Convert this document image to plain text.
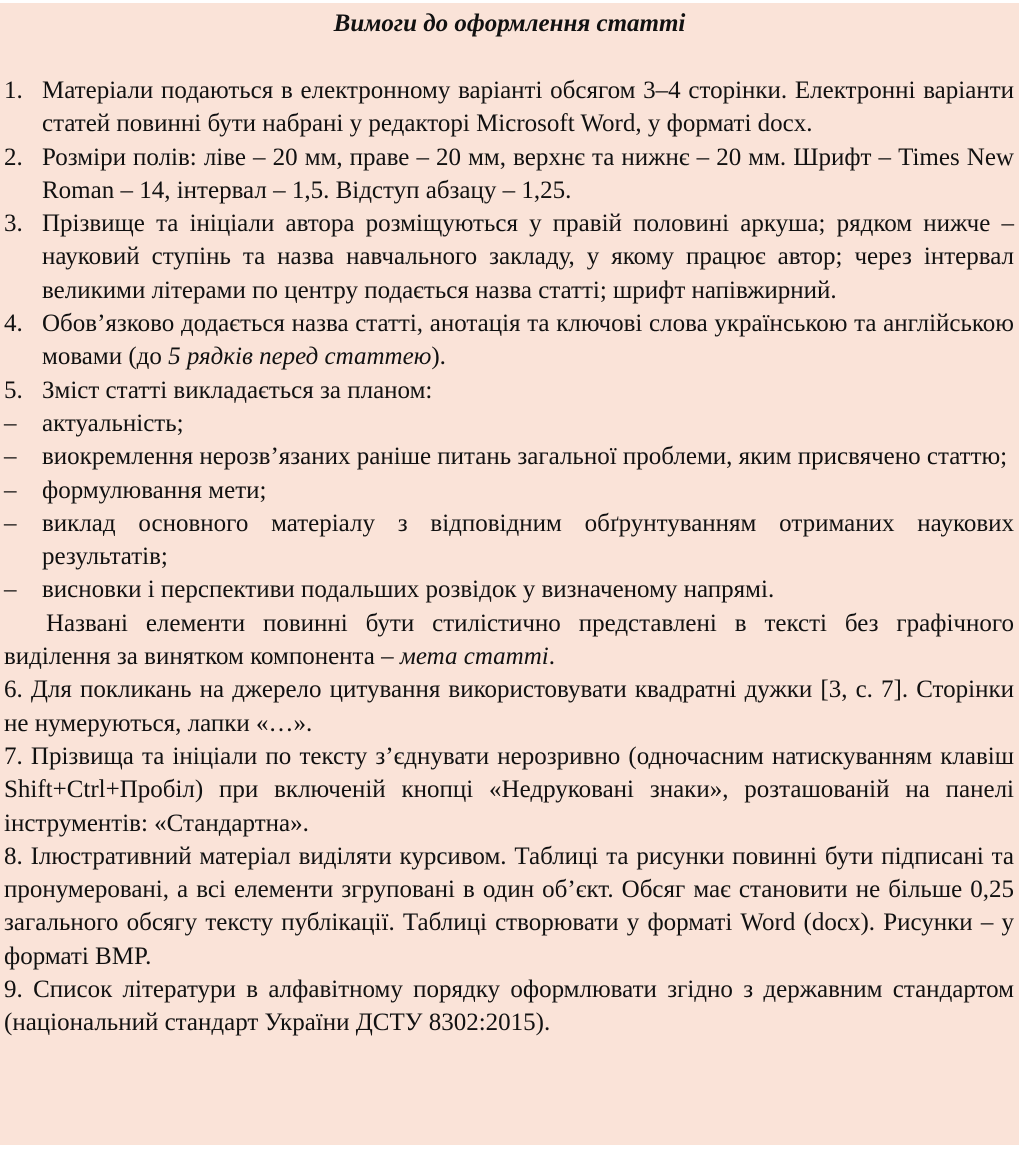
Вимоги до оформлення статті
1. Матеріали подаються в електронному варіанті обсягом 3–4 сторінки. Електронні варіанти статей повинні бути набрані у редакторі Microsoft Word, у форматі docx.
2. Розміри полів: ліве – 20 мм, праве – 20 мм, верхнє та нижнє – 20 мм. Шрифт – Times New Roman – 14, інтервал – 1,5. Відступ абзацу – 1,25.
3. Прізвище та ініціали автора розміщуються у правій половині аркуша; рядком нижче – науковий ступінь та назва навчального закладу, у якому працює автор; через інтервал великими літерами по центру подається назва статті; шрифт напівжирний.
4. Обов’язково додається назва статті, анотація та ключові слова українською та англійською мовами (до 5 рядків перед статтею).
5. Зміст статті викладається за планом:
–	актуальність;
–	виокремлення нерозв’язаних раніше питань загальної проблеми, яким присвячено статтю;
–	формулювання мети;
–	виклад основного матеріалу з відповідним обґрунтуванням отриманих наукових результатів;
–	висновки і перспективи подальших розвідок у визначеному напрямі.
Названі елементи повинні бути стилістично представлені в тексті без графічного виділення за винятком компонента – мета статті.
6. Для покликань на джерело цитування використовувати квадратні дужки [3, с. 7]. Сторінки не нумеруються, лапки «…».
7. Прізвища та ініціали по тексту з’єднувати нерозривно (одночасним натискуванням клавіш Shift+Ctrl+Пробіл) при включеній кнопці «Недруковані знаки», розташованій на панелі інструментів: «Стандартна».
8. Ілюстративний матеріал виділяти курсивом. Таблиці та рисунки повинні бути підписані та пронумеровані, а всі елементи згруповані в один об’єкт. Обсяг має становити не більше 0,25 загального обсягу тексту публікації. Таблиці створювати у форматі Word (docx). Рисунки – у форматі BMP.
9. Список літератури в алфавітному порядку оформлювати згідно з державним стандартом (національний стандарт України ДСТУ 8302:2015).
